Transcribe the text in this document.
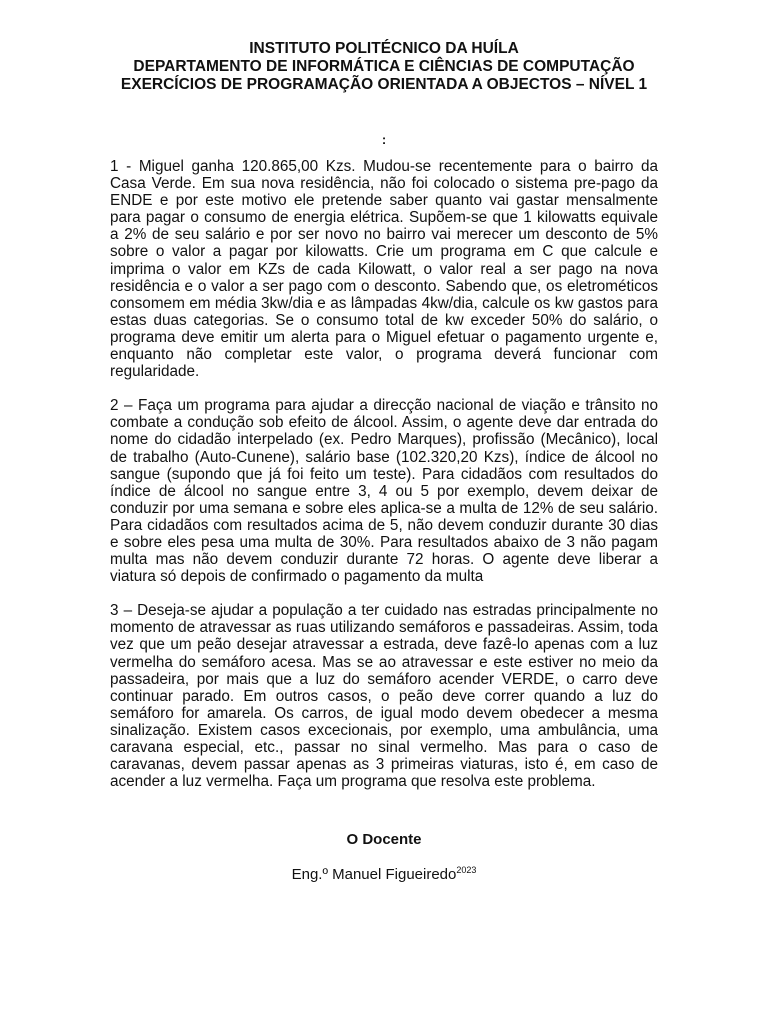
INSTITUTO POLITÉCNICO DA HUÍLA
DEPARTAMENTO DE INFORMÁTICA E CIÊNCIAS DE COMPUTAÇÃO
EXERCÍCIOS DE PROGRAMAÇÃO ORIENTADA A OBJECTOS – NÍVEL 1
:

1 - Miguel ganha 120.865,00 Kzs. Mudou-se recentemente para o bairro da Casa Verde. Em sua nova residência, não foi colocado o sistema pre-pago da ENDE e por este motivo ele pretende saber quanto vai gastar mensalmente para pagar o consumo de energia elétrica. Supõem-se que 1 kilowatts equivale a 2% de seu salário e por ser novo no bairro vai merecer um desconto de 5% sobre o valor a pagar por kilowatts. Crie um programa em C que calcule e imprima o valor em KZs de cada Kilowatt, o valor real a ser pago na nova residência e o valor a ser pago com o desconto. Sabendo que, os eletrométicos consomem em média 3kw/dia e as lâmpadas 4kw/dia, calcule os kw gastos para estas duas categorias. Se o consumo total de kw exceder 50% do salário, o programa deve emitir um alerta para o Miguel efetuar o pagamento urgente e, enquanto não completar este valor, o programa deverá funcionar com regularidade.

2 – Faça um programa para ajudar a direcção nacional de viação e trânsito no combate a condução sob efeito de álcool. Assim, o agente deve dar entrada do nome do cidadão interpelado (ex. Pedro Marques), profissão (Mecânico), local de trabalho (Auto-Cunene), salário base (102.320,20 Kzs), índice de álcool no sangue (supondo que já foi feito um teste). Para cidadãos com resultados do índice de álcool no sangue entre 3, 4 ou 5 por exemplo, devem deixar de conduzir por uma semana e sobre eles aplica-se a multa de 12% de seu salário. Para cidadãos com resultados acima de 5, não devem conduzir durante 30 dias e sobre eles pesa uma multa de 30%. Para resultados abaixo de 3 não pagam multa mas não devem conduzir durante 72 horas. O agente deve liberar a viatura só depois de confirmado o pagamento da multa

3 – Deseja-se ajudar a população a ter cuidado nas estradas principalmente no momento de atravessar as ruas utilizando semáforos e passadeiras. Assim, toda vez que um peão desejar atravessar a estrada, deve fazê-lo apenas com a luz vermelha do semáforo acesa. Mas se ao atravessar e este estiver no meio da passadeira, por mais que a luz do semáforo acender VERDE, o carro deve continuar parado. Em outros casos, o peão deve correr quando a luz do semáforo for amarela. Os carros, de igual modo devem obedecer a mesma sinalização. Existem casos excecionais, por exemplo, uma ambulância, uma caravana especial, etc., passar no sinal vermelho. Mas para o caso de caravanas, devem passar apenas as 3 primeiras viaturas, isto é, em caso de acender a luz vermelha. Faça um programa que resolva este problema.

O Docente
Eng.º Manuel Figueiredo$^{2023}$
